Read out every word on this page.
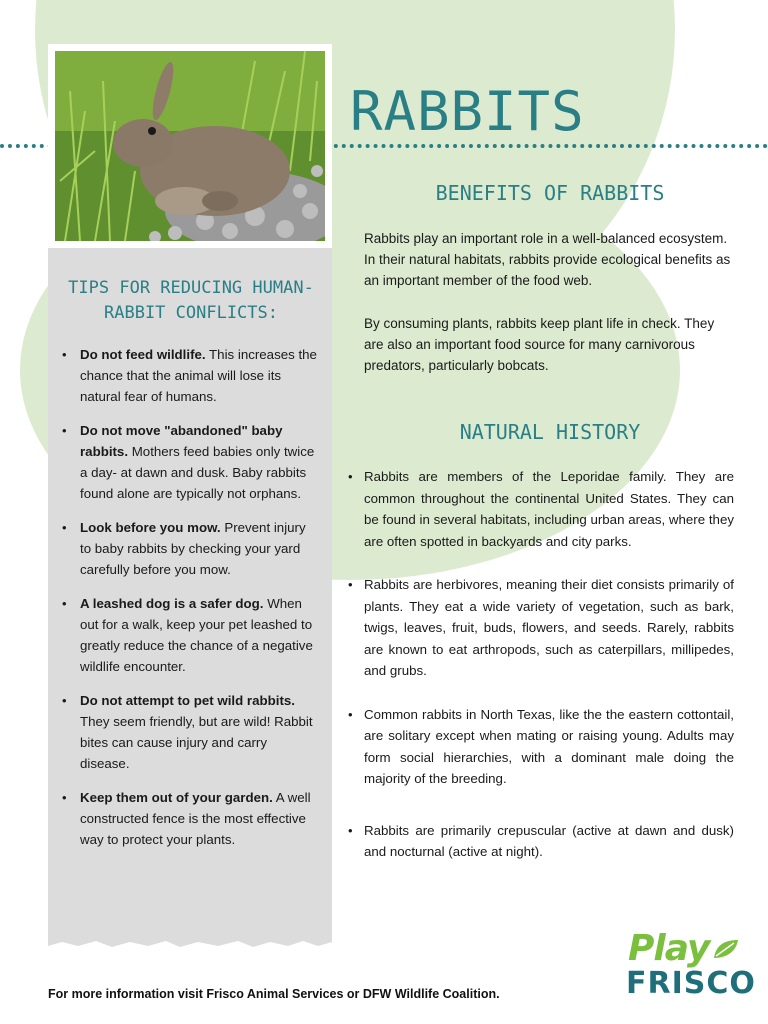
RABBITS
BENEFITS OF RABBITS

Rabbits play an important role in a well-balanced ecosystem. In their natural habitats, rabbits provide ecological benefits as an important member of the food web.

By consuming plants, rabbits keep plant life in check. They are also an important food source for many carnivorous predators, particularly bobcats.

NATURAL HISTORY
• Rabbits are members of the Leporidae family. They are common throughout the continental United States. They can be found in several habitats, including urban areas, where they are often spotted in backyards and city parks.
• Rabbits are herbivores, meaning their diet consists primarily of plants. They eat a wide variety of vegetation, such as bark, twigs, leaves, fruit, buds, flowers, and seeds. Rarely, rabbits are known to eat arthropods, such as caterpillars, millipedes, and grubs.
• Common rabbits in North Texas, like the the eastern cottontail, are solitary except when mating or raising young. Adults may form social hierarchies, with a dominant male doing the majority of the breeding.
• Rabbits are primarily crepuscular (active at dawn and dusk) and nocturnal (active at night).
TIPS FOR REDUCING HUMAN-RABBIT CONFLICTS:
• Do not feed wildlife. This increases the chance that the animal will lose its natural fear of humans.
• Do not move "abandoned" baby rabbits. Mothers feed babies only twice a day- at dawn and dusk. Baby rabbits found alone are typically not orphans.
• Look before you mow. Prevent injury to baby rabbits by checking your yard carefully before you mow.
• A leashed dog is a safer dog. When out for a walk, keep your pet leashed to greatly reduce the chance of a negative wildlife encounter.
• Do not attempt to pet wild rabbits. They seem friendly, but are wild! Rabbit bites can cause injury and carry disease.
• Keep them out of your garden. A well constructed fence is the most effective way to protect your plants.

For more information visit Frisco Animal Services or DFW Wildlife Coalition.

Play
FRISCO
